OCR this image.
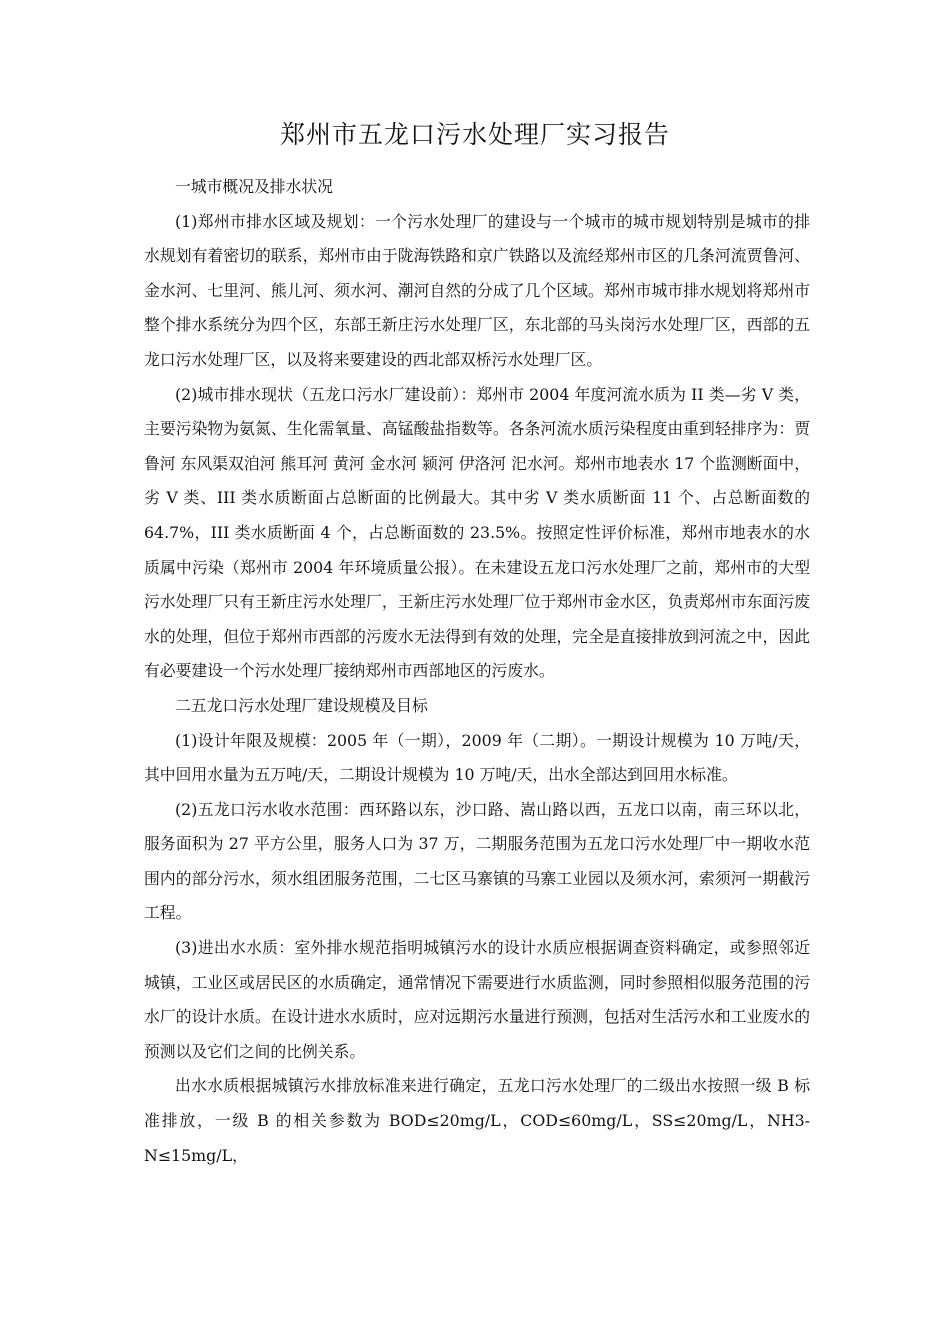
郑州市五龙口污水处理厂实习报告

一城市概况及排水状况

(1)郑州市排水区域及规划：一个污水处理厂的建设与一个城市的城市规划特别是城市的排水规划有着密切的联系，郑州市由于陇海铁路和京广铁路以及流经郑州市区的几条河流贾鲁河、金水河、七里河、熊儿河、须水河、潮河自然的分成了几个区域。郑州市城市排水规划将郑州市整个排水系统分为四个区，东部王新庄污水处理厂区，东北部的马头岗污水处理厂区，西部的五龙口污水处理厂区，以及将来要建设的西北部双桥污水处理厂区。

(2)城市排水现状（五龙口污水厂建设前）：郑州市 2004 年度河流水质为 II 类—劣 V 类，主要污染物为氨氮、生化需氧量、高锰酸盐指数等。各条河流水质污染程度由重到轻排序为：贾鲁河 东风渠双洎河 熊耳河 黄河 金水河 颍河 伊洛河 汜水河。郑州市地表水 17 个监测断面中，劣 V 类、III 类水质断面占总断面的比例最大。其中劣 V 类水质断面 11 个、占总断面数的 64.7%，III 类水质断面 4 个，占总断面数的 23.5%。按照定性评价标准，郑州市地表水的水质属中污染（郑州市 2004 年环境质量公报）。在未建设五龙口污水处理厂之前，郑州市的大型污水处理厂只有王新庄污水处理厂，王新庄污水处理厂位于郑州市金水区，负责郑州市东面污废水的处理，但位于郑州市西部的污废水无法得到有效的处理，完全是直接排放到河流之中，因此有必要建设一个污水处理厂接纳郑州市西部地区的污废水。

二五龙口污水处理厂建设规模及目标

(1)设计年限及规模：2005 年（一期），2009 年（二期）。一期设计规模为 10 万吨/天，其中回用水量为五万吨/天，二期设计规模为 10 万吨/天，出水全部达到回用水标准。

(2)五龙口污水收水范围：西环路以东，沙口路、嵩山路以西，五龙口以南，南三环以北，服务面积为 27 平方公里，服务人口为 37 万，二期服务范围为五龙口污水处理厂中一期收水范围内的部分污水，须水组团服务范围，二七区马寨镇的马寨工业园以及须水河，索须河一期截污工程。

(3)进出水水质：室外排水规范指明城镇污水的设计水质应根据调查资料确定，或参照邻近城镇，工业区或居民区的水质确定，通常情况下需要进行水质监测，同时参照相似服务范围的污水厂的设计水质。在设计进水水质时，应对远期污水量进行预测，包括对生活污水和工业废水的预测以及它们之间的比例关系。

出水水质根据城镇污水排放标准来进行确定，五龙口污水处理厂的二级出水按照一级 B 标准排放，一级 B 的相关参数为 BOD≤20mg/L，COD≤60mg/L，SS≤20mg/L，NH3-N≤15mg/L，
